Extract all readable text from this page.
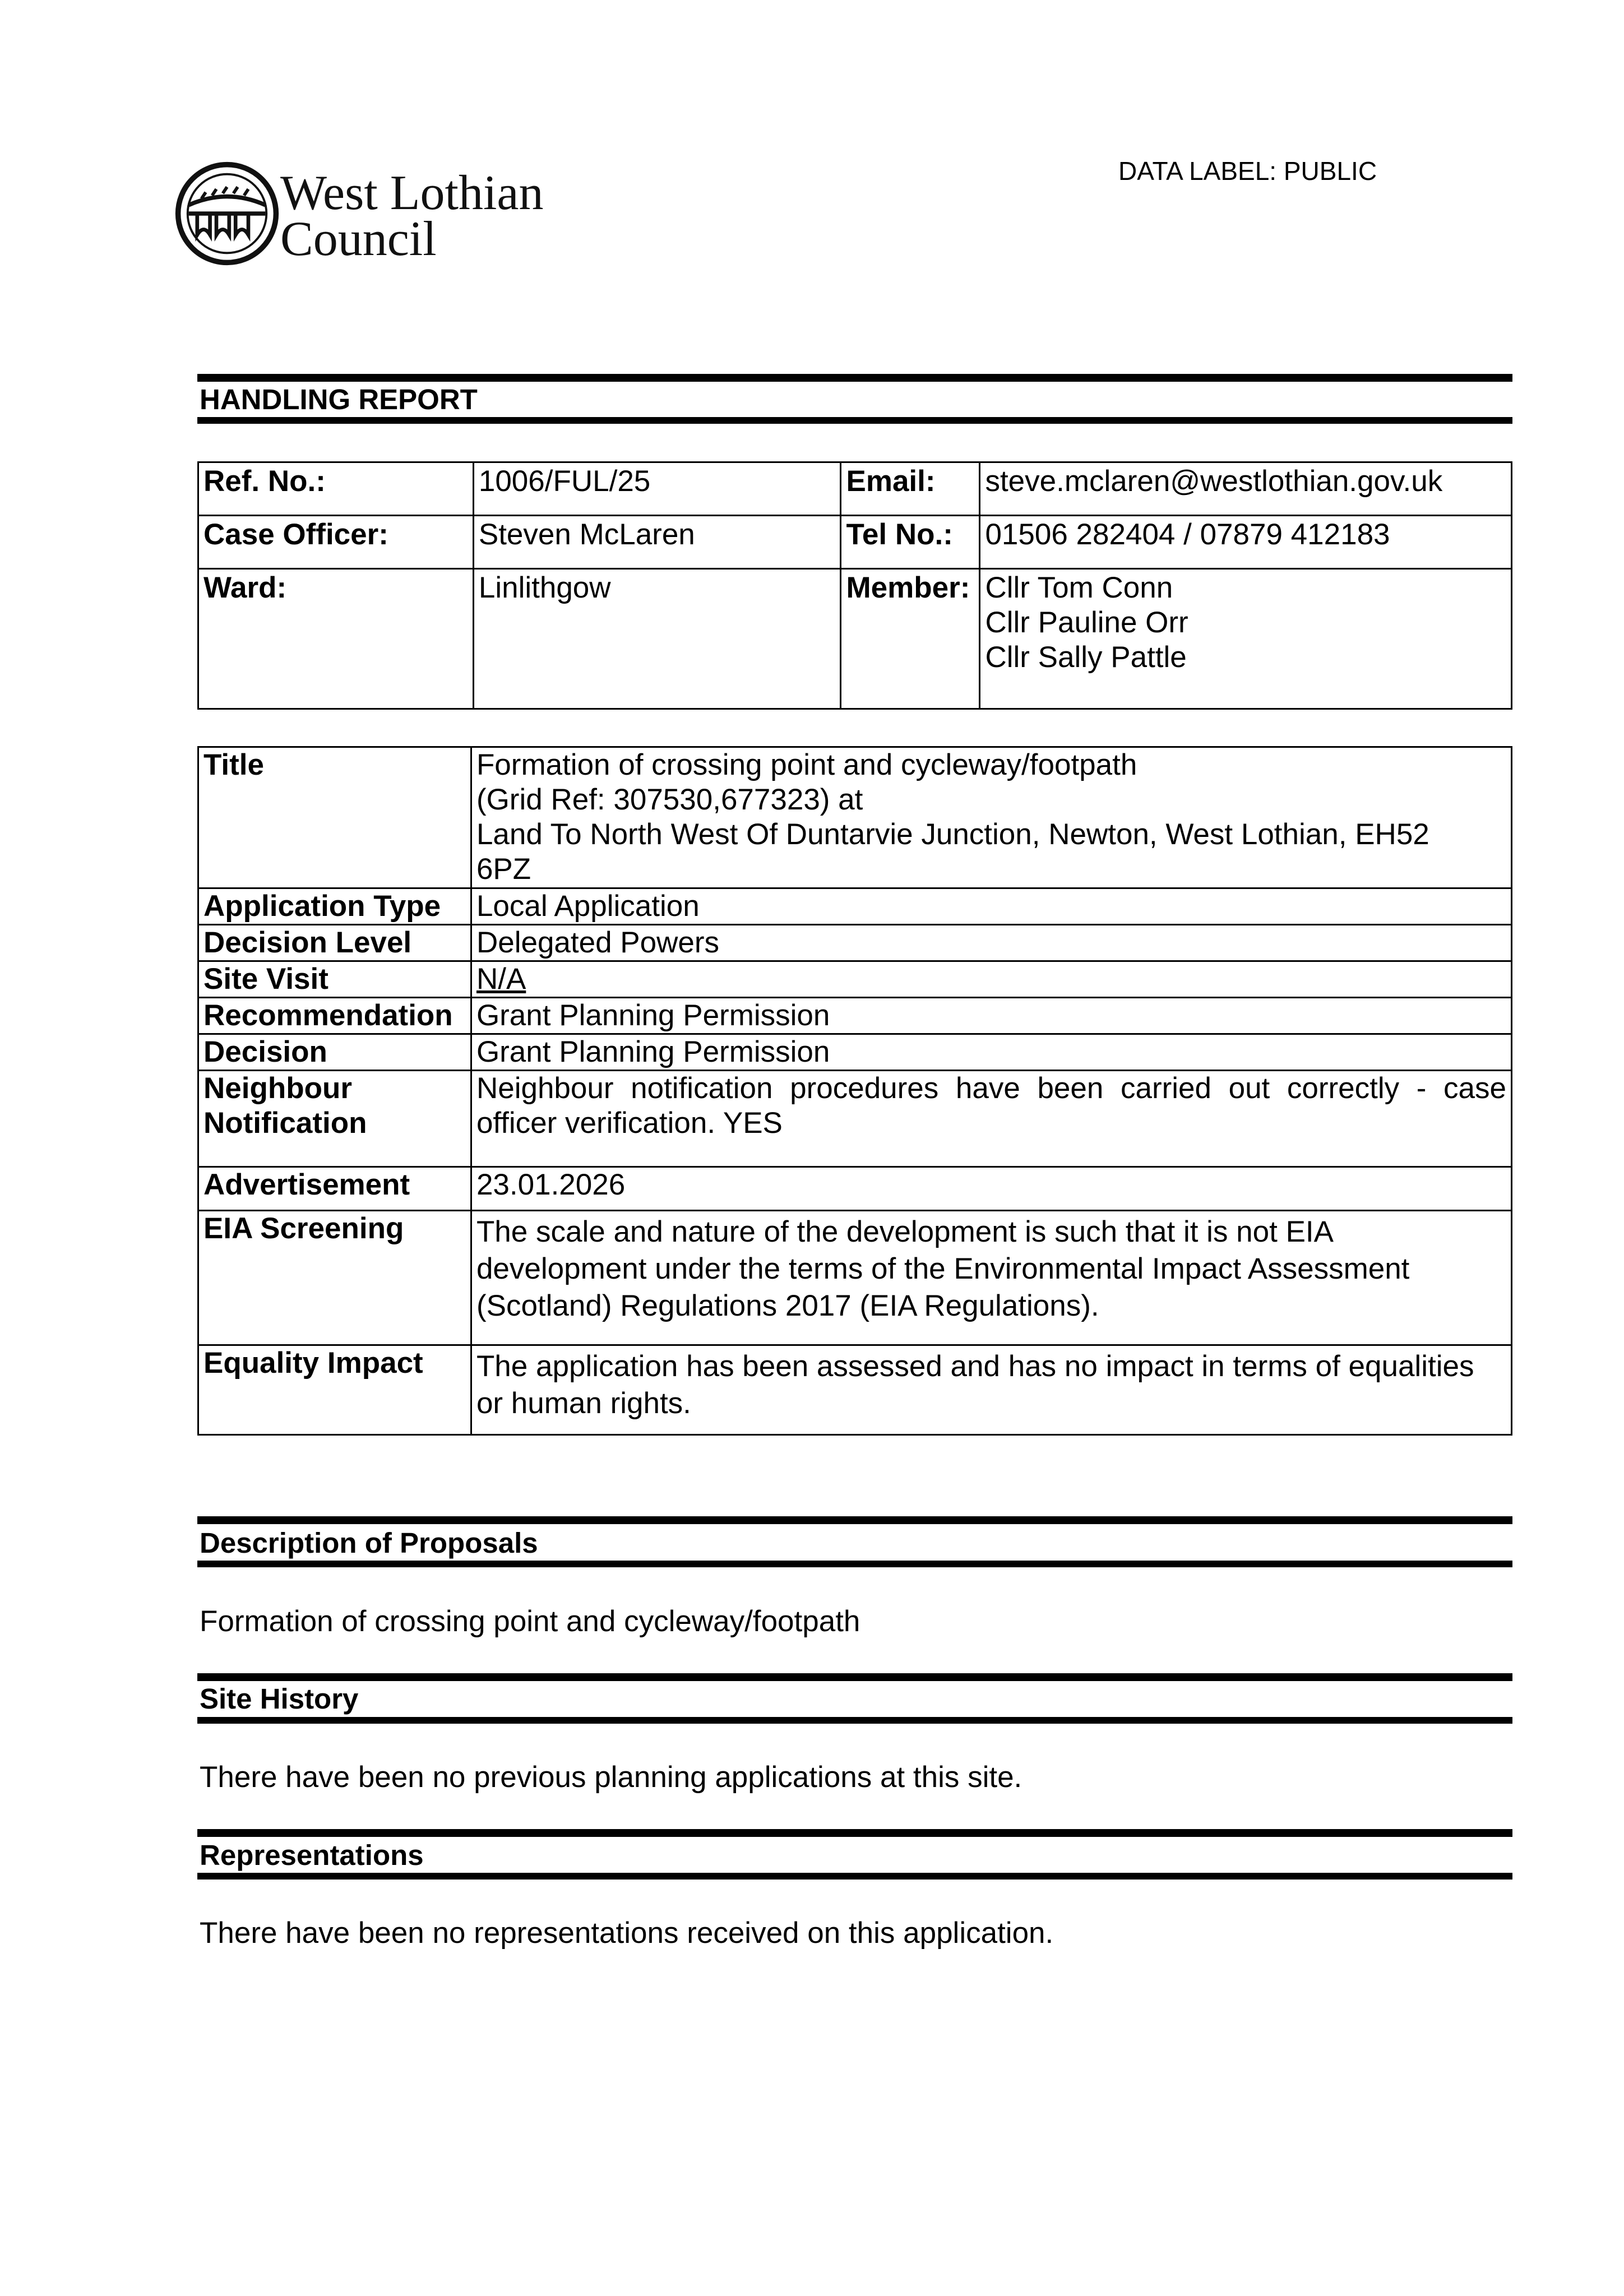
West Lothian
Council
DATA LABEL: PUBLIC
HANDLING REPORT
Ref. No.:	1006/FUL/25	Email:	steve.mclaren@westlothian.gov.uk
Case Officer:	Steven McLaren	Tel No.:	01506 282404 / 07879 412183
Ward:	Linlithgow	Member:	Cllr Tom Conn
Cllr Pauline Orr
Cllr Sally Pattle
Title	Formation of crossing point and cycleway/footpath
(Grid Ref: 307530,677323) at
Land To North West Of Duntarvie Junction, Newton, West Lothian, EH52
6PZ

Application Type	Local Application
Decision Level	Delegated Powers
Site Visit	N/A
Recommendation	Grant Planning Permission
Decision	Grant Planning Permission

Neighbour
Notification	Neighbour notification procedures have been carried out correctly - case officer verification. YES
Advertisement	23.01.2026
EIA Screening	The scale and nature of the development is such that it is not EIA development under the terms of the Environmental Impact Assessment (Scotland) Regulations 2017 (EIA Regulations).
Equality Impact	The application has been assessed and has no impact in terms of equalities or human rights.
Description of Proposals
Formation of crossing point and cycleway/footpath
Site History
There have been no previous planning applications at this site.
Representations
There have been no representations received on this application.
